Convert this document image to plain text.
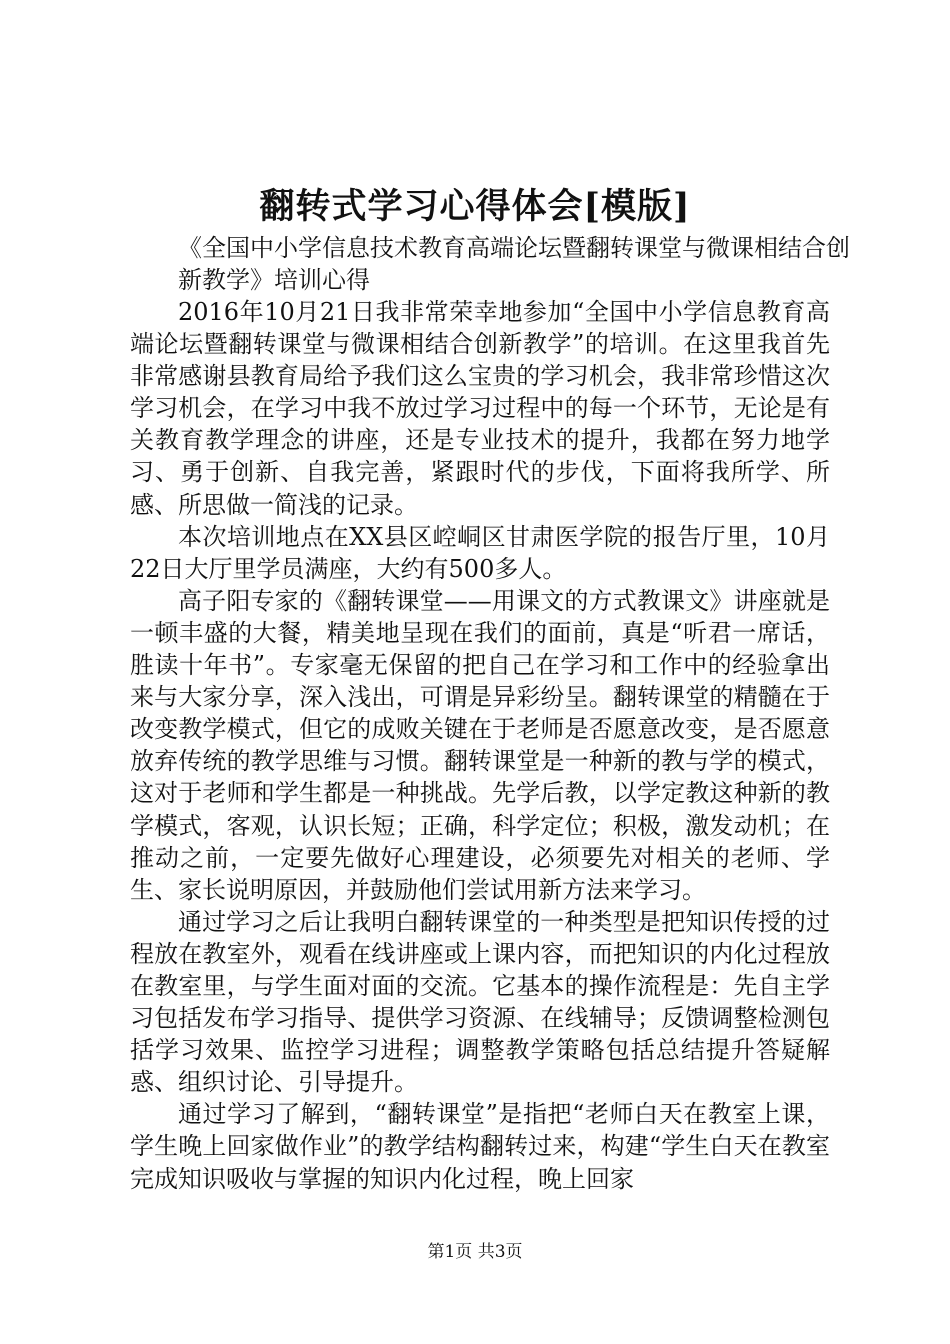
翻转式学习心得体会[模版]
《全国中小学信息技术教育高端论坛暨翻转课堂与微课相结合创新教学》培训心得

2016年10月21日我非常荣幸地参加“全国中小学信息教育高端论坛暨翻转课堂与微课相结合创新教学”的培训。在这里我首先非常感谢县教育局给予我们这么宝贵的学习机会，我非常珍惜这次学习机会，在学习中我不放过学习过程中的每一个环节，无论是有关教育教学理念的讲座，还是专业技术的提升，我都在努力地学习、勇于创新、自我完善，紧跟时代的步伐，下面将我所学、所感、所思做一简浅的记录。

本次培训地点在XX县区崆峒区甘肃医学院的报告厅里，10月22日大厅里学员满座，大约有500多人。

高子阳专家的《翻转课堂——用课文的方式教课文》讲座就是一顿丰盛的大餐，精美地呈现在我们的面前，真是“听君一席话，胜读十年书”。专家毫无保留的把自己在学习和工作中的经验拿出来与大家分享，深入浅出，可谓是异彩纷呈。翻转课堂的精髓在于改变教学模式，但它的成败关键在于老师是否愿意改变，是否愿意放弃传统的教学思维与习惯。翻转课堂是一种新的教与学的模式，这对于老师和学生都是一种挑战。先学后教，以学定教这种新的教学模式，客观，认识长短；正确，科学定位；积极，激发动机；在推动之前，一定要先做好心理建设，必须要先对相关的老师、学生、家长说明原因，并鼓励他们尝试用新方法来学习。

通过学习之后让我明白翻转课堂的一种类型是把知识传授的过程放在教室外，观看在线讲座或上课内容，而把知识的内化过程放在教室里，与学生面对面的交流。它基本的操作流程是：先自主学习包括发布学习指导、提供学习资源、在线辅导；反馈调整检测包括学习效果、监控学习进程；调整教学策略包括总结提升答疑解惑、组织讨论、引导提升。

通过学习了解到，“翻转课堂”是指把“老师白天在教室上课，学生晚上回家做作业”的教学结构翻转过来，构建“学生白天在教室完成知识吸收与掌握的知识内化过程，晚上回家

第1页 共3页
